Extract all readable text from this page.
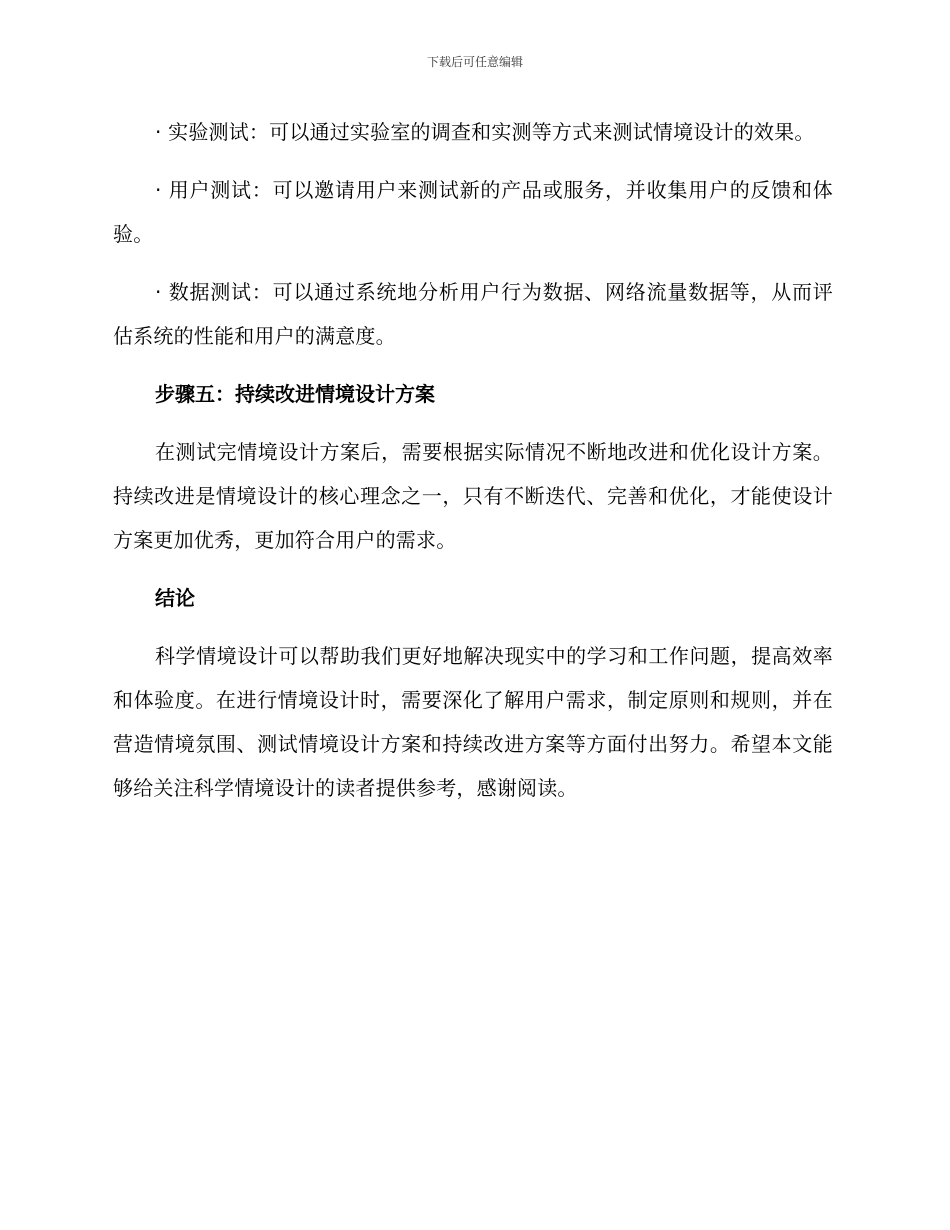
下载后可任意编辑

· 实验测试：可以通过实验室的调查和实测等方式来测试情境设计的效果。

· 用户测试：可以邀请用户来测试新的产品或服务，并收集用户的反馈和体验。

· 数据测试：可以通过系统地分析用户行为数据、网络流量数据等，从而评估系统的性能和用户的满意度。

步骤五：持续改进情境设计方案

在测试完情境设计方案后，需要根据实际情况不断地改进和优化设计方案。持续改进是情境设计的核心理念之一，只有不断迭代、完善和优化，才能使设计方案更加优秀，更加符合用户的需求。

结论

科学情境设计可以帮助我们更好地解决现实中的学习和工作问题，提高效率和体验度。在进行情境设计时，需要深化了解用户需求，制定原则和规则，并在营造情境氛围、测试情境设计方案和持续改进方案等方面付出努力。希望本文能够给关注科学情境设计的读者提供参考，感谢阅读。
